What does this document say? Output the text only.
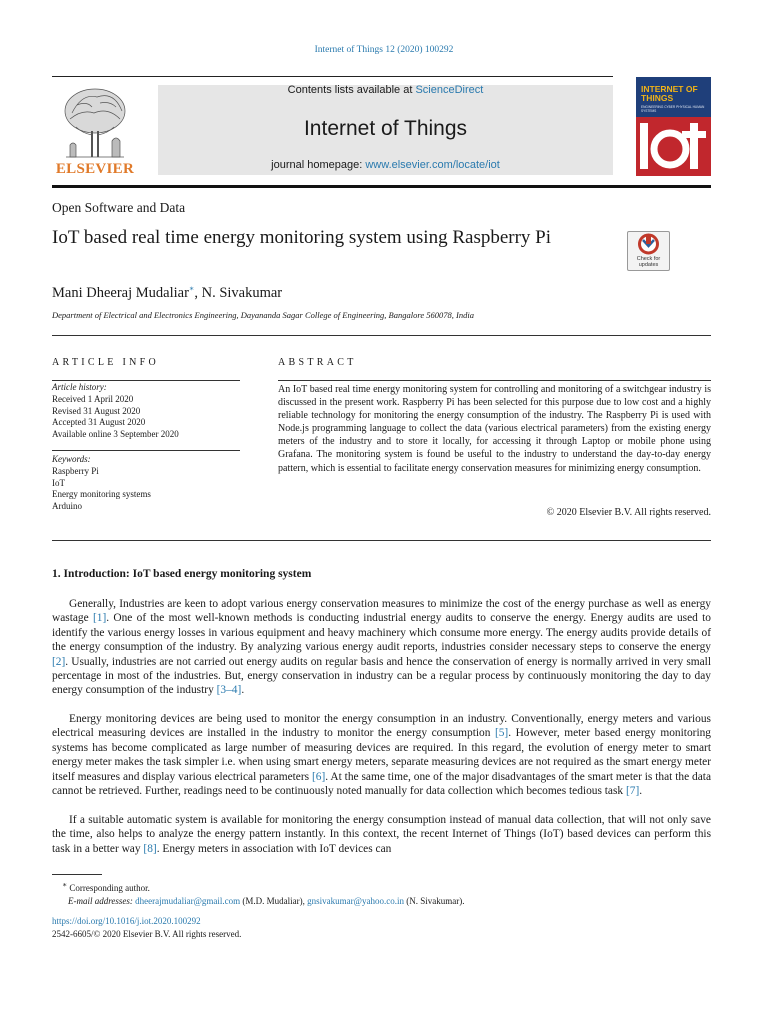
Internet of Things 12 (2020) 100292
ELSEVIER
Contents lists available at ScienceDirect
Internet of Things
journal homepage: www.elsevier.com/locate/iot
INTERNET OF THINGS
ENGINEERING CYBER PHYSICAL HUMAN SYSTEMS
Open Software and Data
IoT based real time energy monitoring system using Raspberry Pi
Check for updates
Mani Dheeraj Mudaliar∗, N. Sivakumar
Department of Electrical and Electronics Engineering, Dayananda Sagar College of Engineering, Bangalore 560078, India
ARTICLE INFO
Article history:
Received 1 April 2020
Revised 31 August 2020
Accepted 31 August 2020
Available online 3 September 2020
Keywords:
Raspberry Pi
IoT
Energy monitoring systems
Arduino
ABSTRACT
An IoT based real time energy monitoring system for controlling and monitoring of a switchgear industry is discussed in the present work. Raspberry Pi has been selected for this purpose due to low cost and a highly reliable technology for monitoring the energy consumption of the industry. The Raspberry Pi is used with Node.js programming language to collect the data (various electrical parameters) from the existing energy meters of the industry and to store it locally, for accessing it through Laptop or mobile phone using Grafana. The monitoring system is found be useful to the industry to understand the day-to-day energy pattern, which is essential to facilitate energy conservation measures for minimizing energy consumption.
© 2020 Elsevier B.V. All rights reserved.
1. Introduction: IoT based energy monitoring system

Generally, Industries are keen to adopt various energy conservation measures to minimize the cost of the energy purchase as well as energy wastage [1]. One of the most well-known methods is conducting industrial energy audits to conserve the energy. Energy audits are used to identify the various energy losses in various equipment and heavy machinery which consume more energy. The energy audits provide details of the energy consumption of the industry. By analyzing various energy audit reports, industries consider necessary steps to conserve the energy [2]. Usually, industries are not carried out energy audits on regular basis and hence the conservation of energy is normally arrived in very small percentage in most of the industries. But, energy conservation in industry can be a regular process by continuously monitoring the day to day energy consumption of the industry [3–4].

Energy monitoring devices are being used to monitor the energy consumption in an industry. Conventionally, energy meters and various electrical measuring devices are installed in the industry to monitor the energy consumption [5]. However, meter based energy monitoring systems has become complicated as large number of measuring devices are required. In this regard, the evolution of energy meter to smart energy meter makes the task simpler i.e. when using smart energy meters, separate measuring devices are not required as the smart energy meter itself measures and display various electrical parameters [6]. At the same time, one of the major disadvantages of the smart meter is that the data cannot be retrieved. Further, readings need to be continuously noted manually for data collection which becomes tedious task [7].

If a suitable automatic system is available for monitoring the energy consumption instead of manual data collection, that will not only save the time, also helps to analyze the energy pattern instantly. In this context, the recent Internet of Things (IoT) based devices can perform this task in a better way [8]. Energy meters in association with IoT devices can

∗ Corresponding author.
E-mail addresses: dheerajmudaliar@gmail.com (M.D. Mudaliar), gnsivakumar@yahoo.co.in (N. Sivakumar).
https://doi.org/10.1016/j.iot.2020.100292
2542-6605/© 2020 Elsevier B.V. All rights reserved.
